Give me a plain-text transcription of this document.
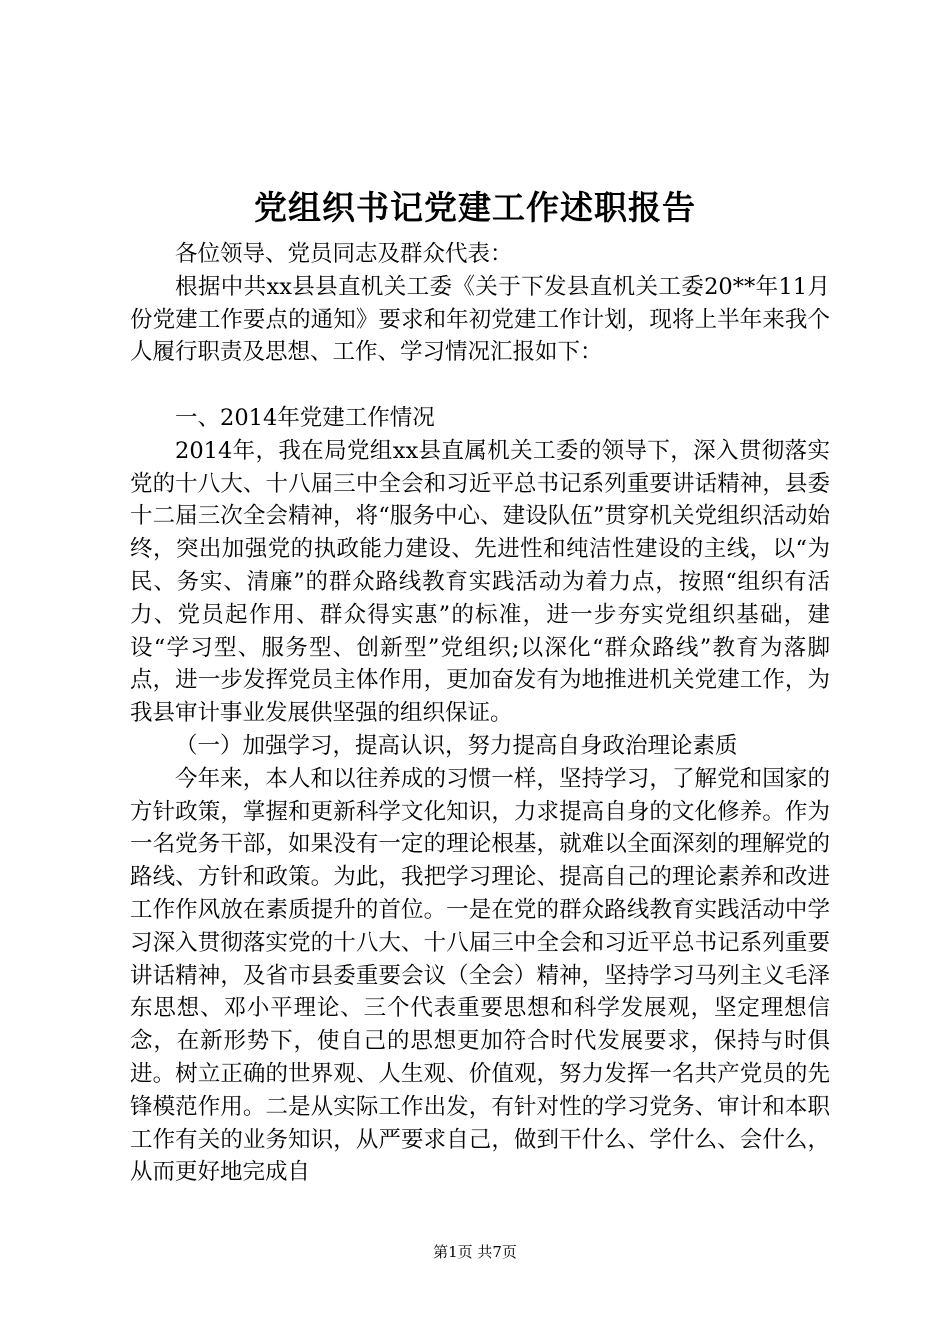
党组织书记党建工作述职报告

各位领导、党员同志及群众代表：

根据中共xx县县直机关工委《关于下发县直机关工委20**年11月份党建工作要点的通知》要求和年初党建工作计划，现将上半年来我个人履行职责及思想、工作、学习情况汇报如下：

一、2014年党建工作情况

2014年，我在局党组xx县直属机关工委的领导下，深入贯彻落实党的十八大、十八届三中全会和习近平总书记系列重要讲话精神，县委十二届三次全会精神，将“服务中心、建设队伍”贯穿机关党组织活动始终，突出加强党的执政能力建设、先进性和纯洁性建设的主线，以“为民、务实、清廉”的群众路线教育实践活动为着力点，按照“组织有活力、党员起作用、群众得实惠”的标准，进一步夯实党组织基础，建设“学习型、服务型、创新型”党组织;以深化“群众路线”教育为落脚点，进一步发挥党员主体作用，更加奋发有为地推进机关党建工作，为我县审计事业发展供坚强的组织保证。

（一）加强学习，提高认识，努力提高自身政治理论素质

今年来，本人和以往养成的习惯一样，坚持学习，了解党和国家的方针政策，掌握和更新科学文化知识，力求提高自身的文化修养。作为一名党务干部，如果没有一定的理论根基，就难以全面深刻的理解党的路线、方针和政策。为此，我把学习理论、提高自己的理论素养和改进工作作风放在素质提升的首位。一是在党的群众路线教育实践活动中学习深入贯彻落实党的十八大、十八届三中全会和习近平总书记系列重要讲话精神，及省市县委重要会议（全会）精神，坚持学习马列主义毛泽东思想、邓小平理论、三个代表重要思想和科学发展观，坚定理想信念，在新形势下，使自己的思想更加符合时代发展要求，保持与时俱进。树立正确的世界观、人生观、价值观，努力发挥一名共产党员的先锋模范作用。二是从实际工作出发，有针对性的学习党务、审计和本职工作有关的业务知识，从严要求自己，做到干什么、学什么、会什么，从而更好地完成自

第1页 共7页
